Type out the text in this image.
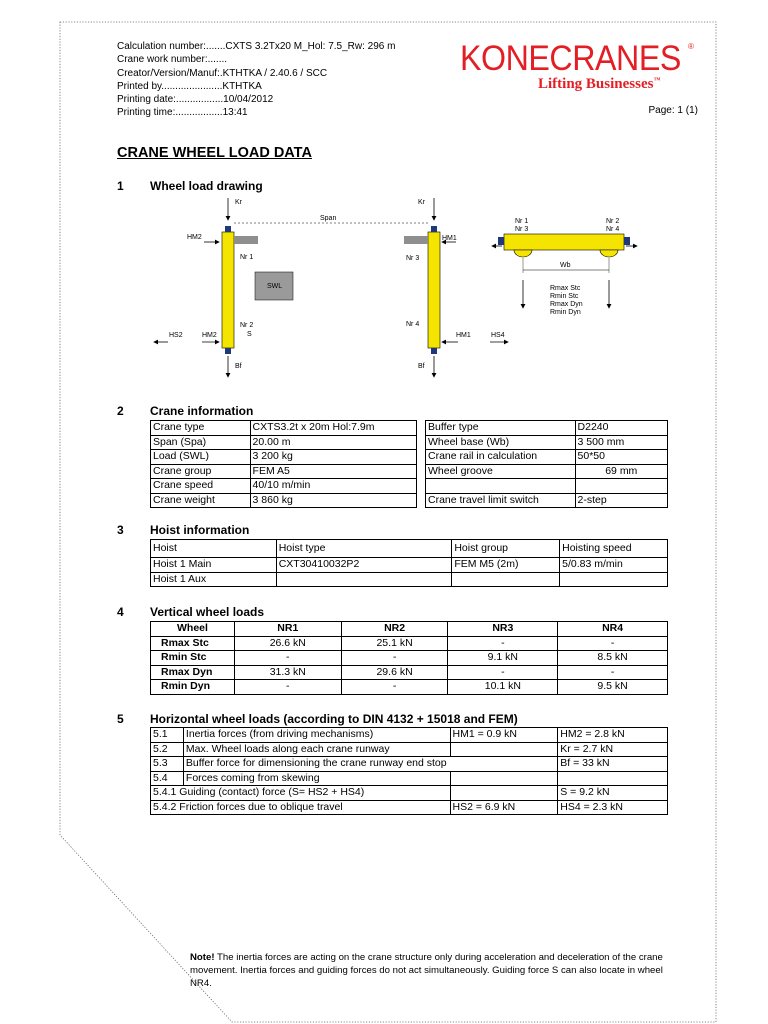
Calculation number:.......CXTS 3.2Tx20 M_Hol: 7.5_Rw: 296 m
Crane work number:.......
Creator/Version/Manuf:.KTHTKA / 2.40.6 / SCC
Printed by......................KTHTKA
Printing date:.................10/04/2012
Printing time:.................13:41
KONECRANES ®
Lifting Businesses™
Page: 1 (1)
CRANE WHEEL LOAD DATA
1 Wheel load drawing
SWL
Kr	Kr
Span
HM2	HM1
Nr 1	Nr 3
Nr 2
S
Nr 4
HS2	HM2	HM1	HS4
Bf	Bf
Nr 1
Nr 3
Nr 2
Nr 4
Wb
Rmax Stc
Rmin Stc
Rmax Dyn
Rmin Dyn
2 Crane information
Crane type	CXTS3.2t x 20m Hol:7.9m
Span (Spa)	20.00 m
Load (SWL)	3 200 kg
Crane group	FEM A5
Crane speed	40/10 m/min
Crane weight	3 860 kg
Buffer type	D2240
Wheel base (Wb)	3 500 mm
Crane rail in calculation	50*50
Wheel groove	69 mm

Crane travel limit switch	2-step
3 Hoist information
Hoist	Hoist type	Hoist group	Hoisting speed
Hoist 1 Main	CXT30410032P2	FEM M5 (2m)	5/0.83 m/min
Hoist 1 Aux			
4 Vertical wheel loads
Wheel	NR1	NR2	NR3	NR4
Rmax Stc	26.6 kN	25.1 kN	-	-
Rmin Stc	-	-	9.1 kN	8.5 kN
Rmax Dyn	31.3 kN	29.6 kN	-	-
Rmin Dyn	-	-	10.1 kN	9.5 kN
5 Horizontal wheel loads (according to DIN 4132 + 15018 and FEM)
5.1	Inertia forces (from driving mechanisms)	HM1 = 0.9 kN	HM2 = 2.8 kN
5.2	Max. Wheel loads along each crane runway		Kr = 2.7 kN
5.3	Buffer force for dimensioning the crane runway end stop		Bf = 33 kN
5.4	Forces coming from skewing		
5.4.1 Guiding (contact) force (S= HS2 + HS4)			S = 9.2 kN
5.4.2 Friction forces due to oblique travel		HS2 = 6.9 kN	HS4 = 2.3 kN
Note! The inertia forces are acting on the crane structure only during acceleration and deceleration of the crane movement. Inertia forces and guiding forces do not act simultaneously. Guiding force S can also locate in wheel NR4.
